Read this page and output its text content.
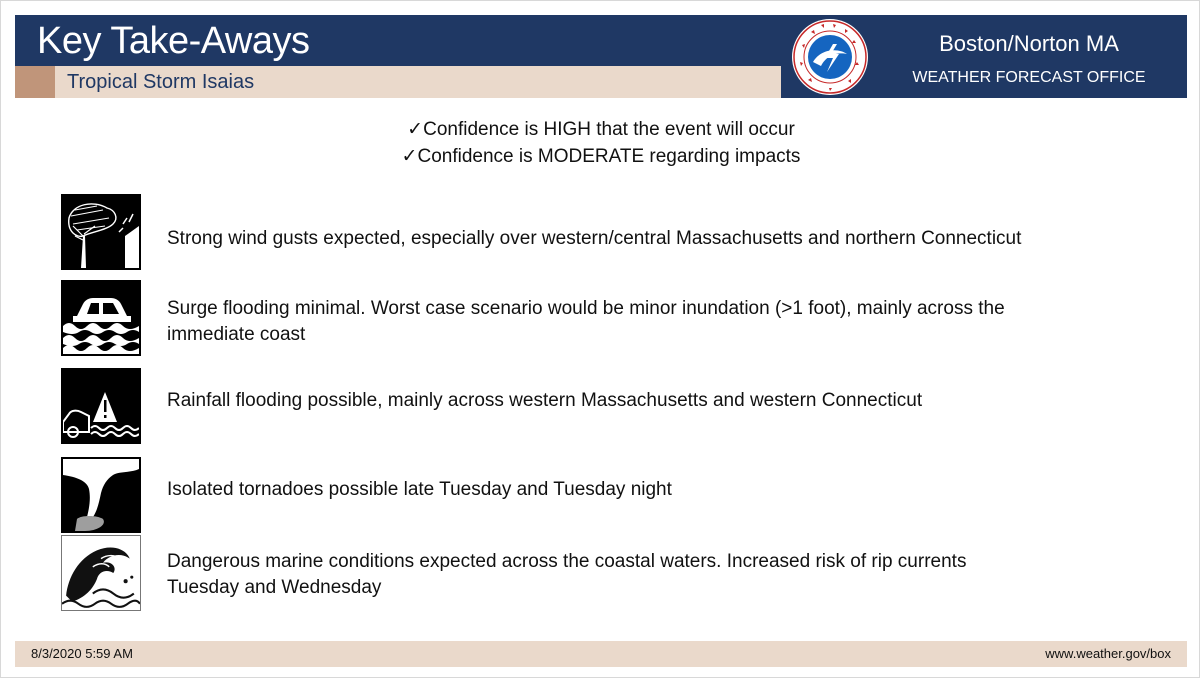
Key Take-Aways
Tropical Storm Isaias
Boston/Norton MA
WEATHER FORECAST OFFICE
✓Confidence is HIGH that the event will occur
✓Confidence is MODERATE regarding impacts
Strong wind gusts expected, especially over western/central Massachusetts and northern Connecticut
Surge flooding minimal. Worst case scenario would be minor inundation (>1 foot), mainly across the
immediate coast
Rainfall flooding possible, mainly across western Massachusetts and western Connecticut
Isolated tornadoes possible late Tuesday and Tuesday night
Dangerous marine conditions expected across the coastal waters. Increased risk of rip currents
Tuesday and Wednesday
8/3/2020 5:59 AM	www.weather.gov/box
